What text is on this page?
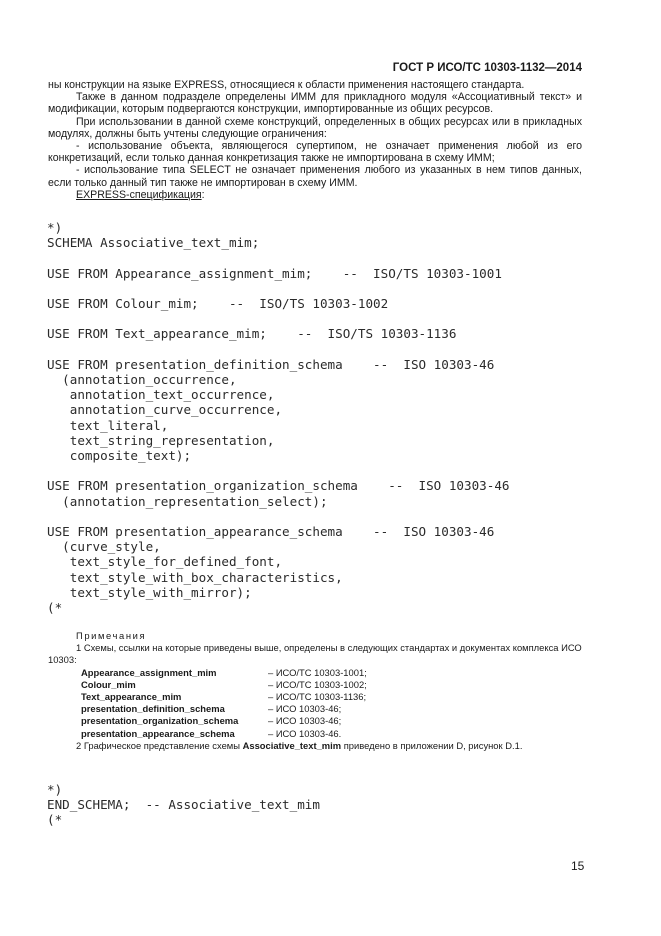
ГОСТ Р ИСО/ТС 10303-1132—2014

ны конструкции на языке EXPRESS, относящиеся к области применения настоящего стандарта.

Также в данном подразделе определены ИММ для прикладного модуля «Ассоциативный текст» и модификации, которым подвергаются конструкции, импортированные из общих ресурсов.

При использовании в данной схеме конструкций, определенных в общих ресурсах или в прикладных модулях, должны быть учтены следующие ограничения:

- использование объекта, являющегося супертипом, не означает применения любой из его конкретизаций, если только данная конкретизация также не импортирована в схему ИММ;

- использование типа SELECT не означает применения любого из указанных в нем типов данных, если только данный тип также не импортирован в схему ИММ.

EXPRESS-спецификация:

*)
SCHEMA Associative_text_mim;

USE FROM Appearance_assignment_mim;    --  ISO/TS 10303-1001

USE FROM Colour_mim;    --  ISO/TS 10303-1002

USE FROM Text_appearance_mim;    --  ISO/TS 10303-1136

USE FROM presentation_definition_schema    --  ISO 10303-46
(annotation_occurrence,
annotation_text_occurrence,
annotation_curve_occurrence,
text_literal,
text_string_representation,
composite_text);

USE FROM presentation_organization_schema    --  ISO 10303-46
(annotation_representation_select);

USE FROM presentation_appearance_schema    --  ISO 10303-46
(curve_style,
text_style_for_defined_font,
text_style_with_box_characteristics,
text_style_with_mirror);
(*

Примечания

1 Схемы, ссылки на которые приведены выше, определены в следующих стандартах и документах комплекса ИСО 10303:

Appearance_assignment_mim	– ИСО/ТС 10303-1001;
Colour_mim	– ИСО/ТС 10303-1002;
Text_appearance_mim	– ИСО/ТС 10303-1136;
presentation_definition_schema	– ИСО 10303-46;
presentation_organization_schema	– ИСО 10303-46;
presentation_appearance_schema	– ИСО 10303-46.

2 Графическое представление схемы Associative_text_mim приведено в приложении D, рисунок D.1.

*)
END_SCHEMA;  -- Associative_text_mim
(*
15
